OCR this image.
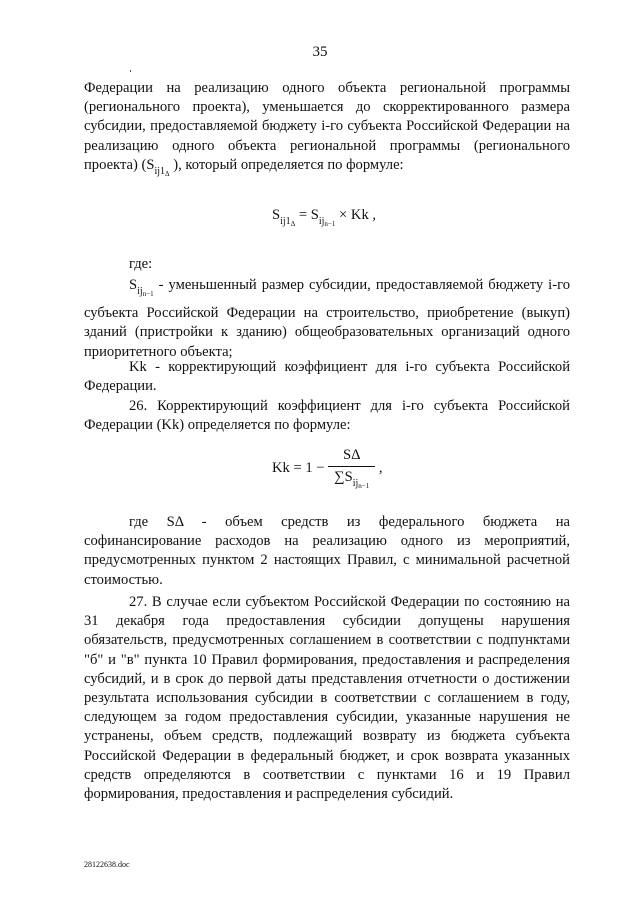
35
Федерации на реализацию одного объекта региональной программы (регионального проекта), уменьшается до скорректированного размера субсидии, предоставляемой бюджету i-го субъекта Российской Федерации на реализацию одного объекта региональной программы (регионального проекта) ($S_{ij1_\Delta}$ ), который определяется по формуле:
$S_{ij1_\Delta} = S_{ij_{n-1}} \times Kk$ ,
где:
$S_{ij_{n-1}}$ - уменьшенный размер субсидии, предоставляемой бюджету i-го субъекта Российской Федерации на строительство, приобретение (выкуп) зданий (пристройки к зданию) общеобразовательных организаций одного приоритетного объекта;
Kk - корректирующий коэффициент для i-го субъекта Российской Федерации.
26. Корректирующий коэффициент для i-го субъекта Российской Федерации (Kk) определяется по формуле:
$Kk = 1 - \frac{S\Delta}{\sum S_{ij_{n-1}}}$ ,
где SΔ - объем средств из федерального бюджета на софинансирование расходов на реализацию одного из мероприятий, предусмотренных пунктом 2 настоящих Правил, с минимальной расчетной стоимостью.
27. В случае если субъектом Российской Федерации по состоянию на 31 декабря года предоставления субсидии допущены нарушения обязательств, предусмотренных соглашением в соответствии с подпунктами "б" и "в" пункта 10 Правил формирования, предоставления и распределения субсидий, и в срок до первой даты представления отчетности о достижении результата использования субсидии в соответствии с соглашением в году, следующем за годом предоставления субсидии, указанные нарушения не устранены, объем средств, подлежащий возврату из бюджета субъекта Российской Федерации в федеральный бюджет, и срок возврата указанных средств определяются в соответствии с пунктами 16 и 19 Правил формирования, предоставления и распределения субсидий.
28122638.doc
